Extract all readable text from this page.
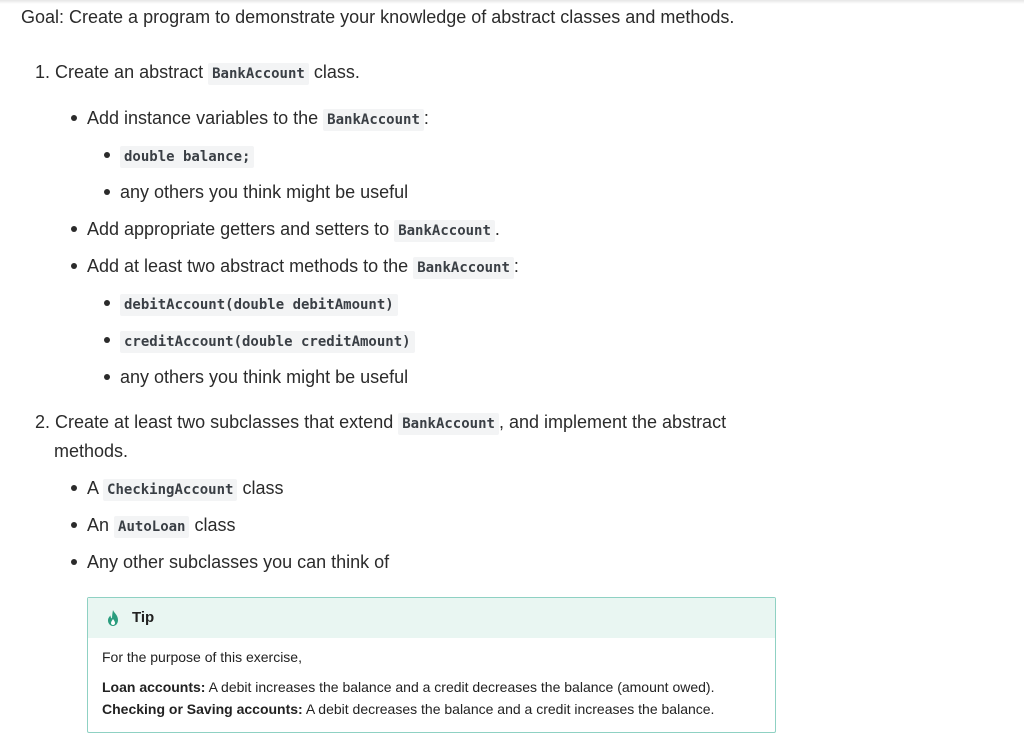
Goal: Create a program to demonstrate your knowledge of abstract classes and methods.
1. Create an abstract BankAccount class.
Add instance variables to the BankAccount :
double balance;
any others you think might be useful
Add appropriate getters and setters to BankAccount .
Add at least two abstract methods to the BankAccount :
debitAccount(double debitAmount)
creditAccount(double creditAmount)
any others you think might be useful
2. Create at least two subclasses that extend BankAccount , and implement the abstract
methods.
A CheckingAccount class
An AutoLoan class
Any other subclasses you can think of
Tip
For the purpose of this exercise,
Loan accounts: A debit increases the balance and a credit decreases the balance (amount owed).
Checking or Saving accounts: A debit decreases the balance and a credit increases the balance.
